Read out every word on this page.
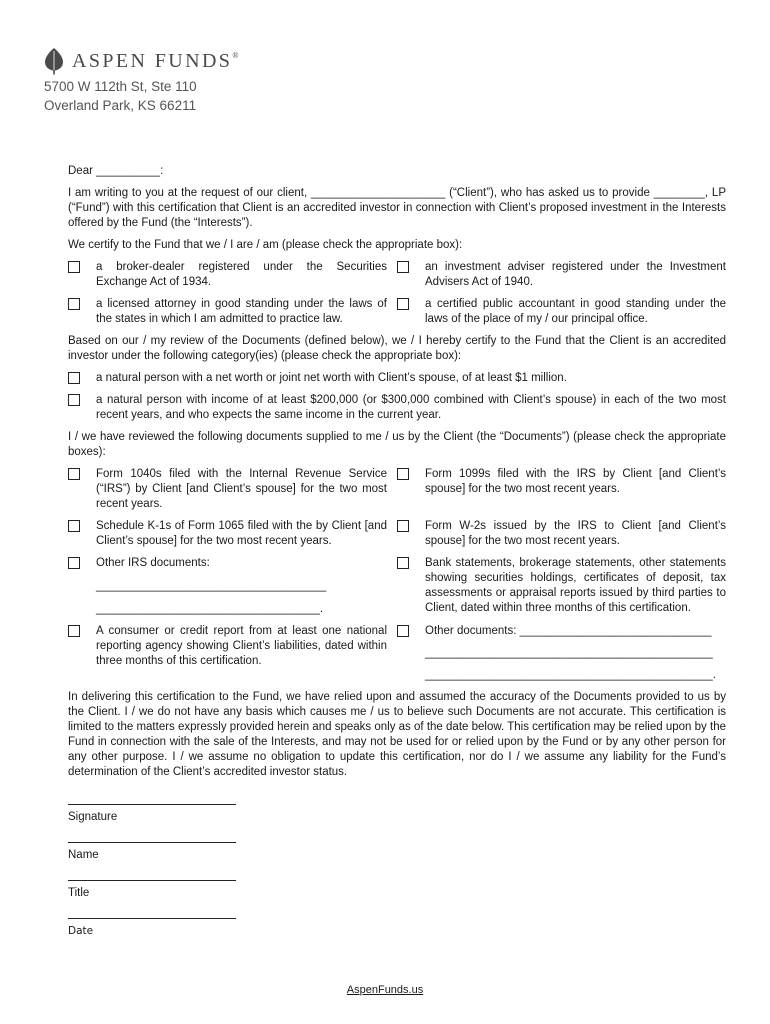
ASPEN FUNDS®
5700 W 112th St, Ste 110
Overland Park, KS 66211

Dear __________:

I am writing to you at the request of our client, _____________________ (“Client”), who has asked us to provide ________, LP (“Fund”) with this certification that Client is an accredited investor in connection with Client’s proposed investment in the Interests offered by the Fund (the “Interests”).

We certify to the Fund that we / I are / am (please check the appropriate box):

a broker-dealer registered under the Securities Exchange Act of 1934.
an investment adviser registered under the Investment Advisers Act of 1940.
a licensed attorney in good standing under the laws of the states in which I am admitted to practice law.
a certified public accountant in good standing under the laws of the place of my / our principal office.

Based on our / my review of the Documents (defined below), we / I hereby certify to the Fund that the Client is an accredited investor under the following category(ies) (please check the appropriate box):

a natural person with a net worth or joint net worth with Client’s spouse, of at least $1 million.
a natural person with income of at least $200,000 (or $300,000 combined with Client’s spouse) in each of the two most recent years, and who expects the same income in the current year.

I / we have reviewed the following documents supplied to me / us by the Client (the “Documents”) (please check the appropriate boxes):

Form 1040s filed with the Internal Revenue Service (“IRS”) by Client [and Client’s spouse] for the two most recent years.
Form 1099s filed with the IRS by Client [and Client’s spouse] for the two most recent years.
Schedule K-1s of Form 1065 filed with the by Client [and Client’s spouse] for the two most recent years.
Form W-2s issued by the IRS to Client [and Client’s spouse] for the two most recent years.
Other IRS documents:
____________________________________
___________________________________.
Bank statements, brokerage statements, other statements showing securities holdings, certificates of deposit, tax assessments or appraisal reports issued by third parties to Client, dated within three months of this certification.
A consumer or credit report from at least one national reporting agency showing Client’s liabilities, dated within three months of this certification.
Other documents: ______________________________
_____________________________________________
_____________________________________________.

In delivering this certification to the Fund, we have relied upon and assumed the accuracy of the Documents provided to us by the Client. I / we do not have any basis which causes me / us to believe such Documents are not accurate. This certification is limited to the matters expressly provided herein and speaks only as of the date below. This certification may be relied upon by the Fund in connection with the sale of the Interests, and may not be used for or relied upon by the Fund or by any other person for any other purpose. I / we assume no obligation to update this certification, nor do I / we assume any liability for the Fund’s determination of the Client’s accredited investor status.

Signature
Name
Title
Date
AspenFunds.us
